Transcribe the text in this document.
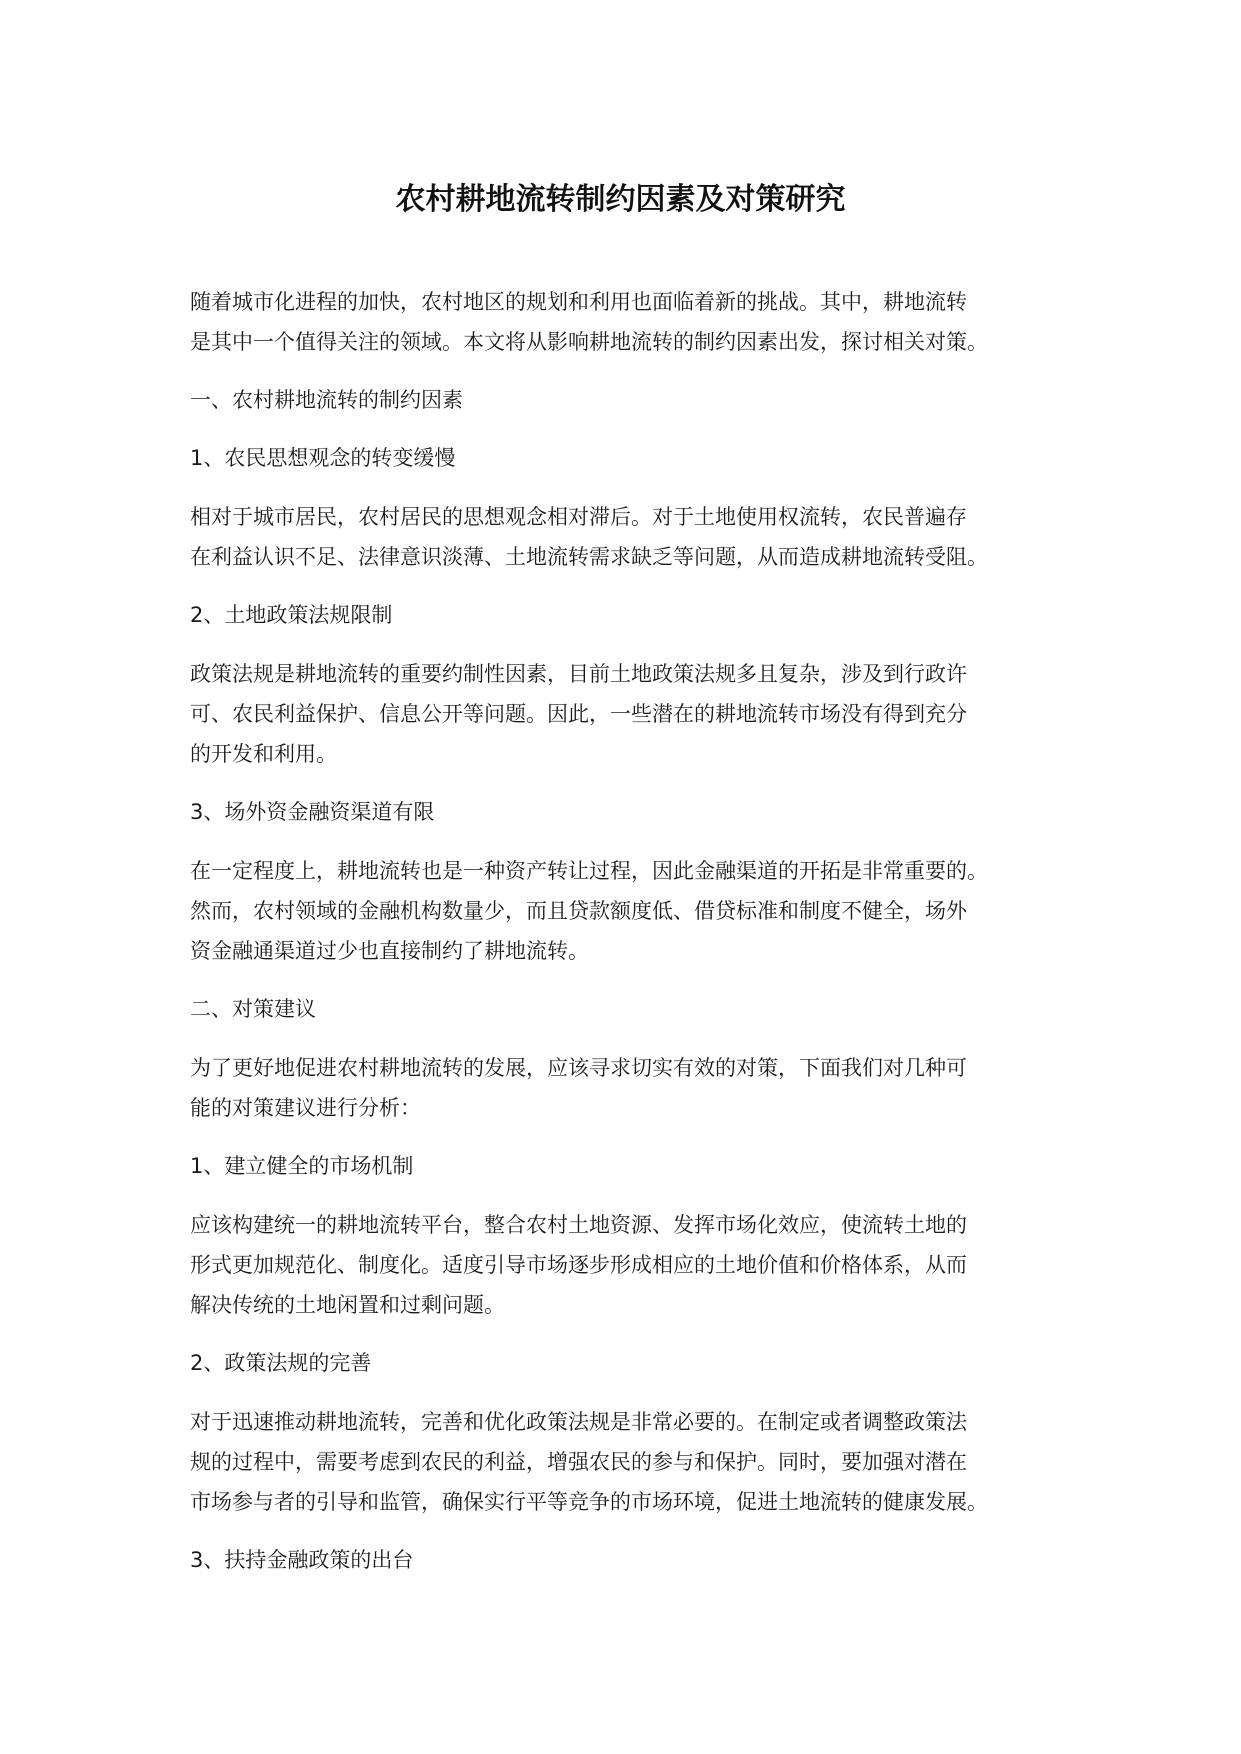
农村耕地流转制约因素及对策研究
随着城市化进程的加快，农村地区的规划和利用也面临着新的挑战。其中，耕地流转
是其中一个值得关注的领域。本文将从影响耕地流转的制约因素出发，探讨相关对策。
一、农村耕地流转的制约因素
1、农民思想观念的转变缓慢
相对于城市居民，农村居民的思想观念相对滞后。对于土地使用权流转，农民普遍存
在利益认识不足、法律意识淡薄、土地流转需求缺乏等问题，从而造成耕地流转受阻。
2、土地政策法规限制
政策法规是耕地流转的重要约制性因素，目前土地政策法规多且复杂，涉及到行政许
可、农民利益保护、信息公开等问题。因此，一些潜在的耕地流转市场没有得到充分
的开发和利用。
3、场外资金融资渠道有限
在一定程度上，耕地流转也是一种资产转让过程，因此金融渠道的开拓是非常重要的。
然而，农村领域的金融机构数量少，而且贷款额度低、借贷标准和制度不健全，场外
资金融通渠道过少也直接制约了耕地流转。
二、对策建议
为了更好地促进农村耕地流转的发展，应该寻求切实有效的对策，下面我们对几种可
能的对策建议进行分析：
1、建立健全的市场机制
应该构建统一的耕地流转平台，整合农村土地资源、发挥市场化效应，使流转土地的
形式更加规范化、制度化。适度引导市场逐步形成相应的土地价值和价格体系，从而
解决传统的土地闲置和过剩问题。
2、政策法规的完善
对于迅速推动耕地流转，完善和优化政策法规是非常必要的。在制定或者调整政策法
规的过程中，需要考虑到农民的利益，增强农民的参与和保护。同时，要加强对潜在
市场参与者的引导和监管，确保实行平等竞争的市场环境，促进土地流转的健康发展。
3、扶持金融政策的出台
